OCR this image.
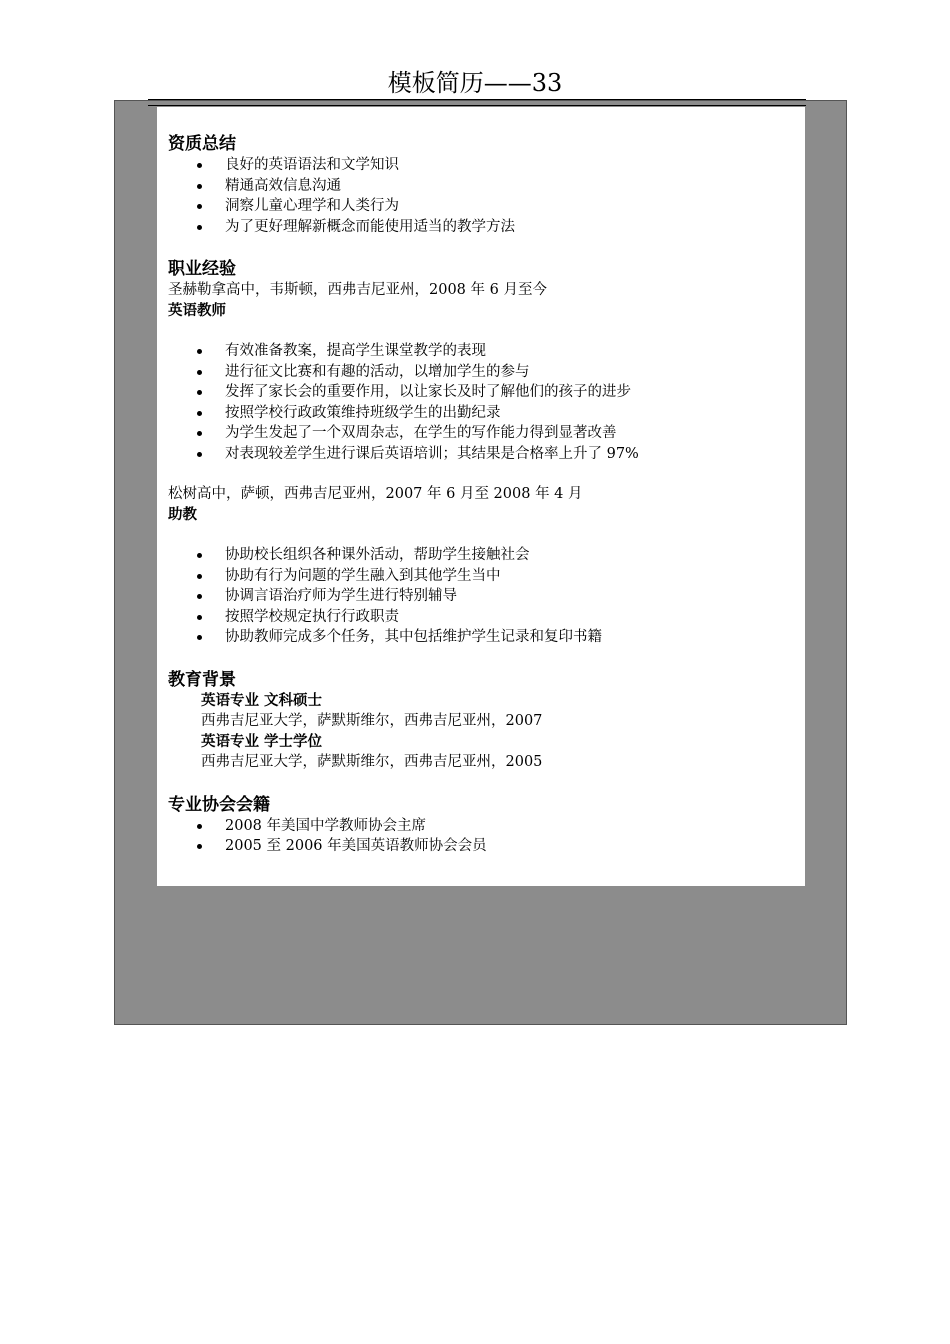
模板简历——33

资质总结

良好的英语语法和文学知识
精通高效信息沟通
洞察儿童心理学和人类行为
为了更好理解新概念而能使用适当的教学方法

职业经验

圣赫勒拿高中，韦斯顿，西弗吉尼亚州，2008 年 6 月至今

英语教师

有效准备教案，提高学生课堂教学的表现
进行征文比赛和有趣的活动，以增加学生的参与
发挥了家长会的重要作用，以让家长及时了解他们的孩子的进步
按照学校行政政策维持班级学生的出勤纪录
为学生发起了一个双周杂志，在学生的写作能力得到显著改善
对表现较差学生进行课后英语培训；其结果是合格率上升了 97%

松树高中，萨顿，西弗吉尼亚州，2007 年 6 月至 2008 年 4 月

助教

协助校长组织各种课外活动，帮助学生接触社会
协助有行为问题的学生融入到其他学生当中
协调言语治疗师为学生进行特别辅导
按照学校规定执行行政职责
协助教师完成多个任务，其中包括维护学生记录和复印书籍

教育背景

英语专业 文科硕士

西弗吉尼亚大学，萨默斯维尔，西弗吉尼亚州，2007

英语专业 学士学位

西弗吉尼亚大学，萨默斯维尔，西弗吉尼亚州，2005

专业协会会籍

2008 年美国中学教师协会主席
2005 至 2006 年美国英语教师协会会员
